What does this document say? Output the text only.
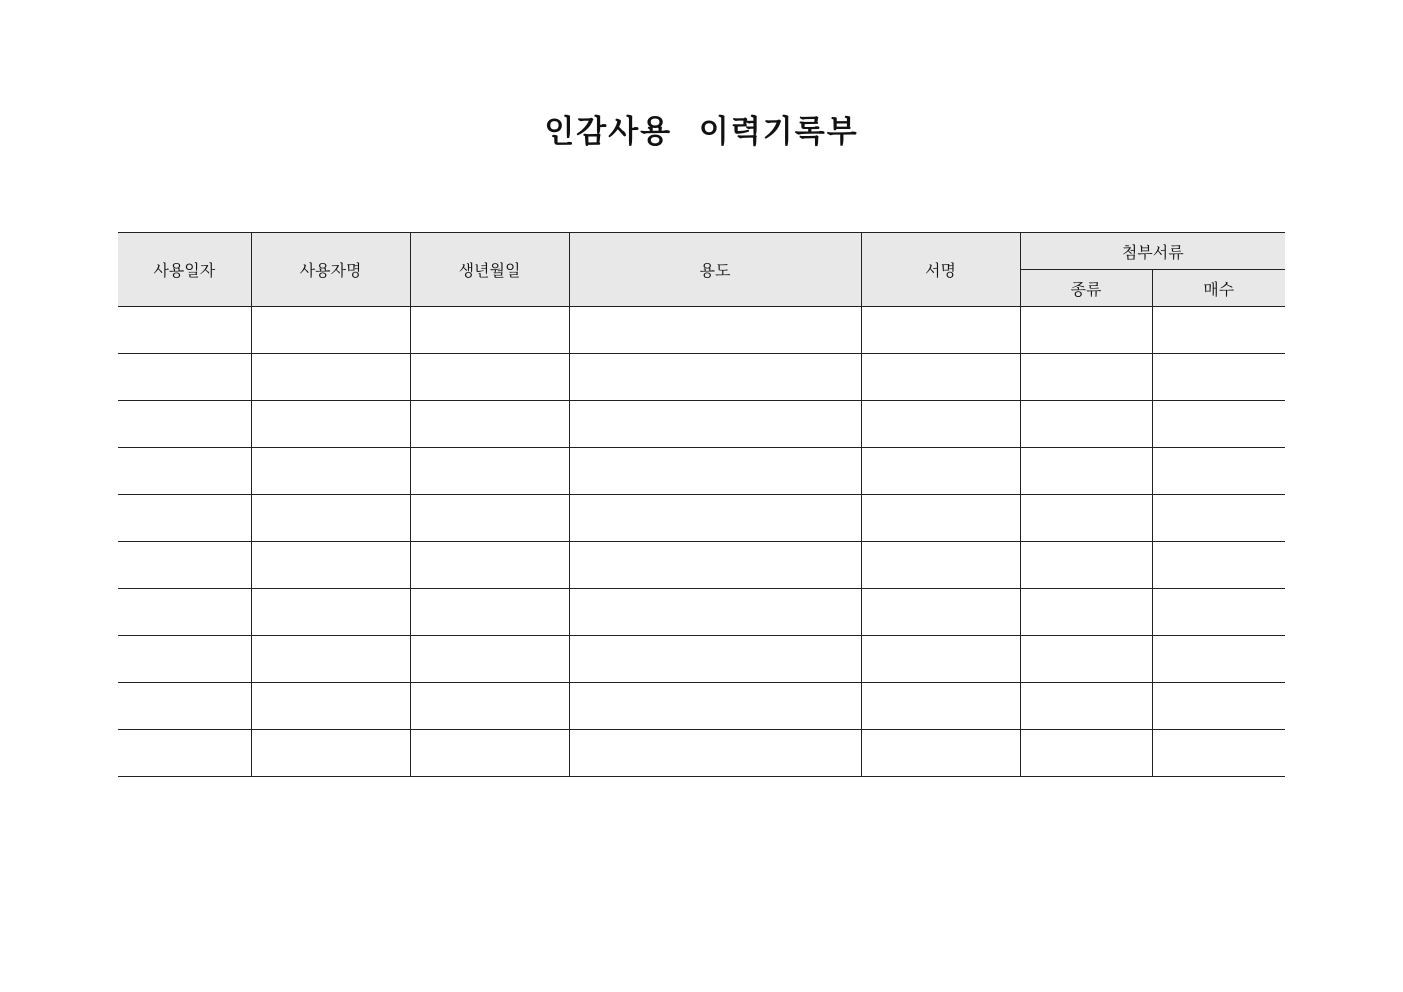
인감사용 이력기록부
사용일자	사용자명	생년월일	용도	서명	첨부서류	
					종류	매수
